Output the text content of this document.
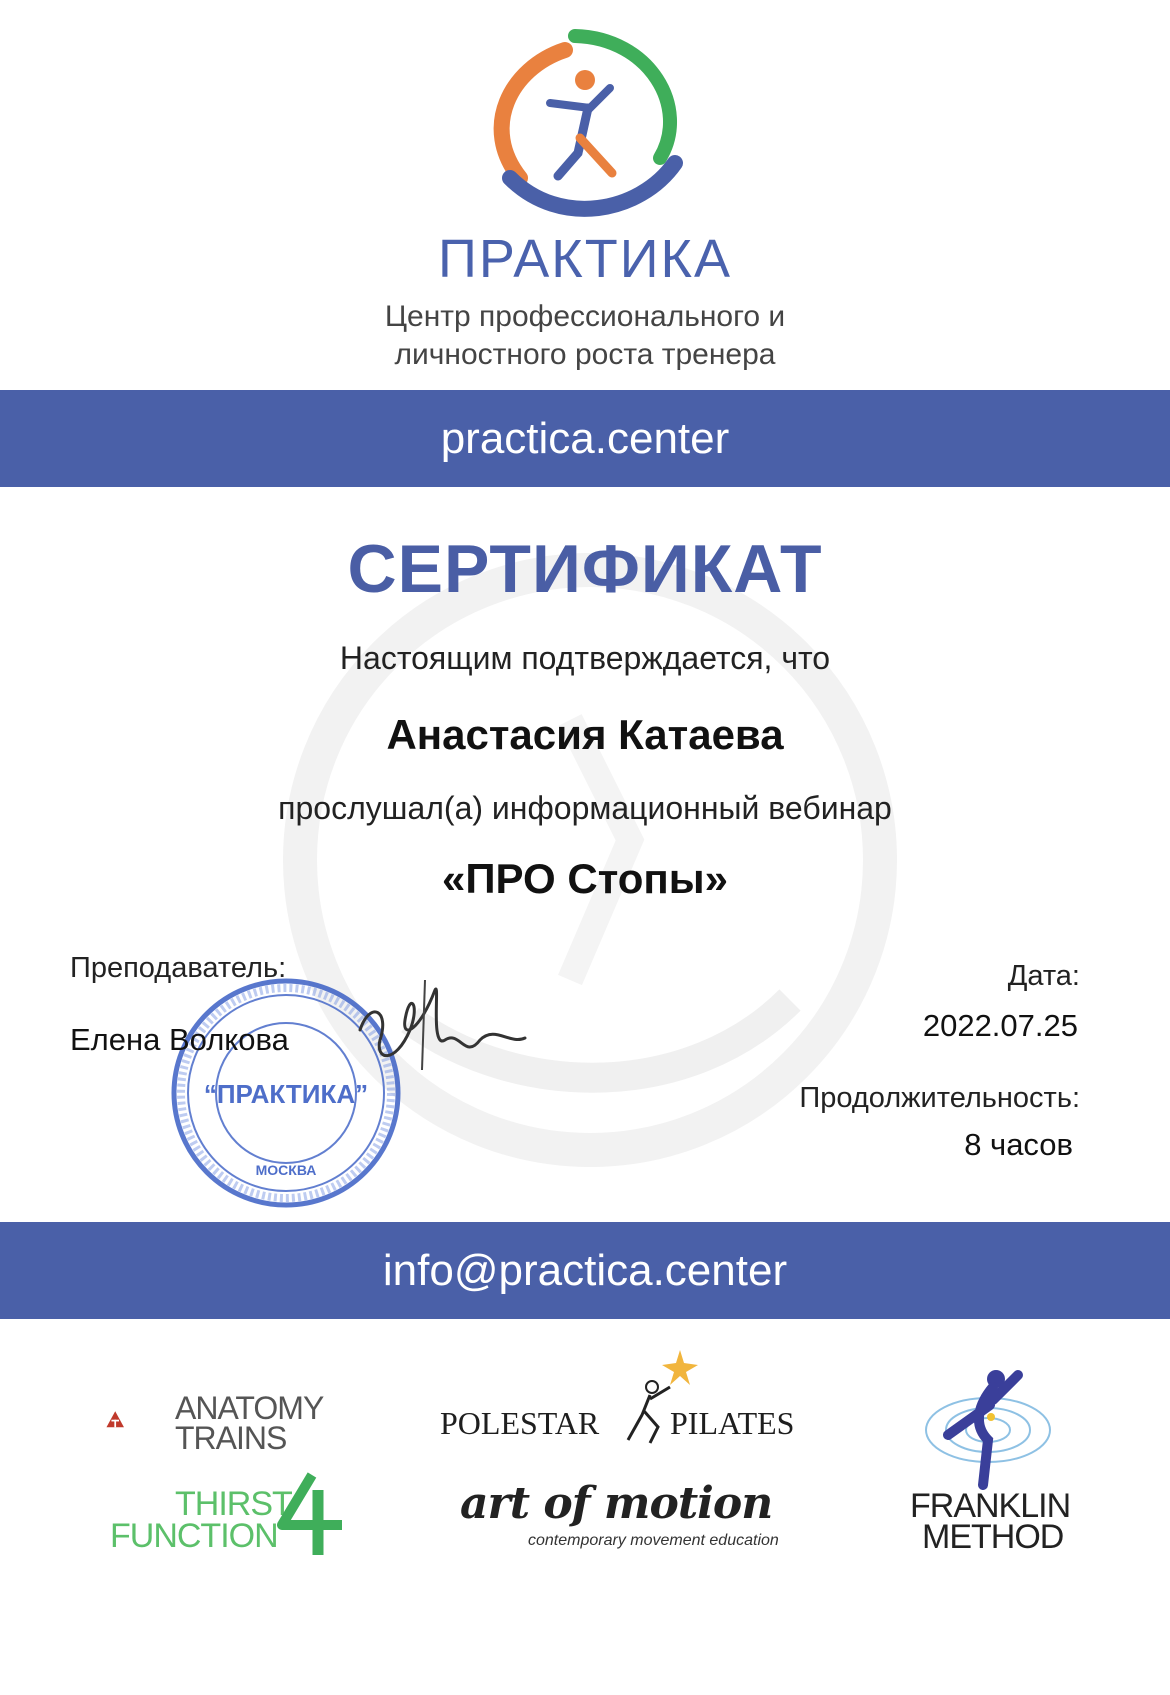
ПРАКТИКА
Центр профессионального и
личностного роста тренера
practica.center
СЕРТИФИКАТ
Настоящим подтверждается, что
Анастасия Катаева
прослушал(а) информационный вебинар
«ПРО Стопы»
“ПРАКТИКА”
МОСКВА
Преподаватель:
Елена Волкова
Дата:
2022.07.25
Продолжительность:
8 часов
info@practica.center
ANATOMY
TRAINS
THIRST
FUNCTION
POLESTAR PILATES
art of motion
contemporary movement education
FRANKLIN
METHOD
